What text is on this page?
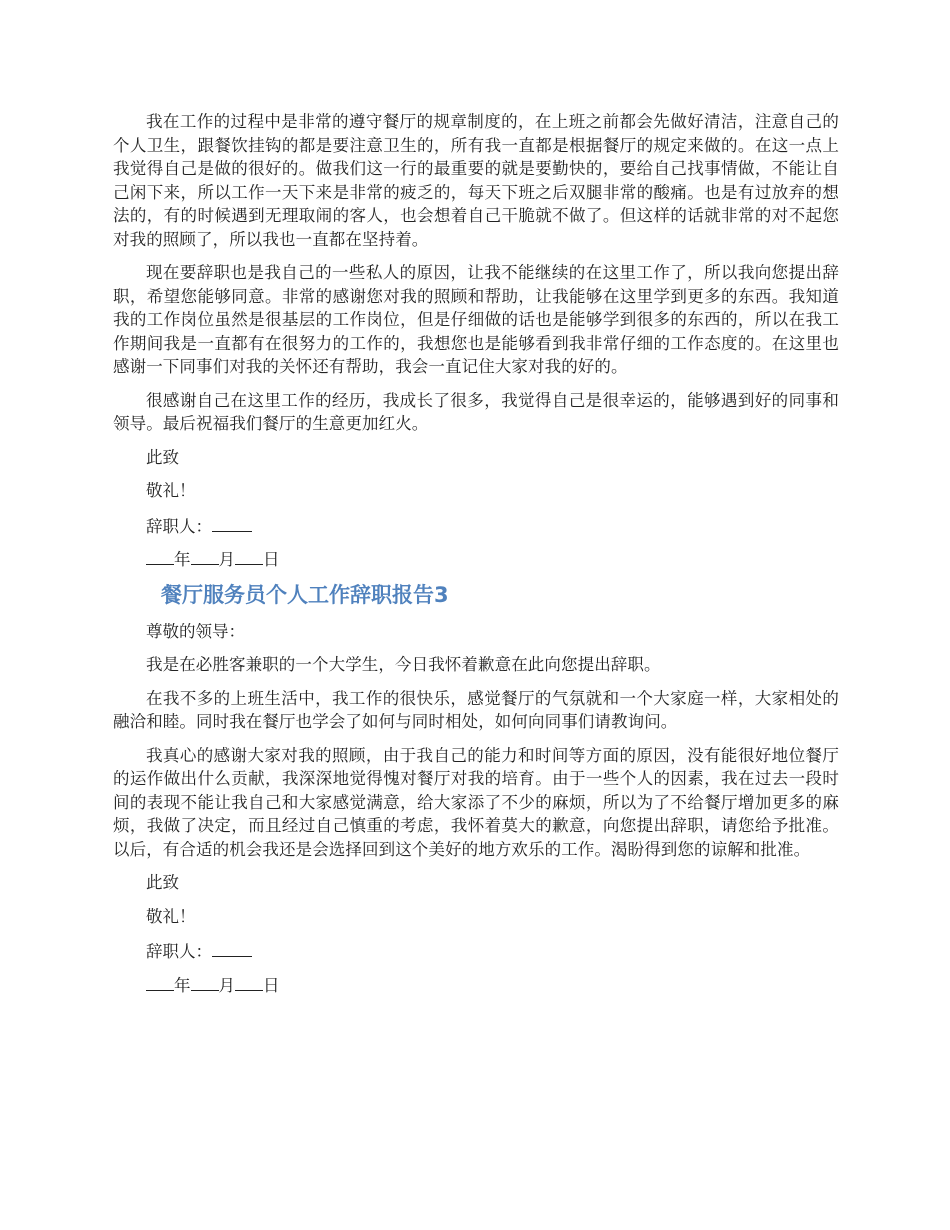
我在工作的过程中是非常的遵守餐厅的规章制度的，在上班之前都会先做好清洁，注意自己的个人卫生，跟餐饮挂钩的都是要注意卫生的，所有我一直都是根据餐厅的规定来做的。在这一点上我觉得自己是做的很好的。做我们这一行的最重要的就是要勤快的，要给自己找事情做，不能让自己闲下来，所以工作一天下来是非常的疲乏的，每天下班之后双腿非常的酸痛。也是有过放弃的想法的，有的时候遇到无理取闹的客人，也会想着自己干脆就不做了。但这样的话就非常的对不起您对我的照顾了，所以我也一直都在坚持着。

现在要辞职也是我自己的一些私人的原因，让我不能继续的在这里工作了，所以我向您提出辞职，希望您能够同意。非常的感谢您对我的照顾和帮助，让我能够在这里学到更多的东西。我知道我的工作岗位虽然是很基层的工作岗位，但是仔细做的话也是能够学到很多的东西的，所以在我工作期间我是一直都有在很努力的工作的，我想您也是能够看到我非常仔细的工作态度的。在这里也感谢一下同事们对我的关怀还有帮助，我会一直记住大家对我的好的。

很感谢自己在这里工作的经历，我成长了很多，我觉得自己是很幸运的，能够遇到好的同事和领导。最后祝福我们餐厅的生意更加红火。

此致
敬礼！
辞职人：
年 月 日
餐厅服务员个人工作辞职报告3
尊敬的领导：

我是在必胜客兼职的一个大学生，今日我怀着歉意在此向您提出辞职。

在我不多的上班生活中，我工作的很快乐，感觉餐厅的气氛就和一个大家庭一样，大家相处的融洽和睦。同时我在餐厅也学会了如何与同时相处，如何向同事们请教询问。

我真心的感谢大家对我的照顾，由于我自己的能力和时间等方面的原因，没有能很好地位餐厅的运作做出什么贡献，我深深地觉得愧对餐厅对我的培育。由于一些个人的因素，我在过去一段时间的表现不能让我自己和大家感觉满意，给大家添了不少的麻烦，所以为了不给餐厅增加更多的麻烦，我做了决定，而且经过自己慎重的考虑，我怀着莫大的歉意，向您提出辞职，请您给予批准。以后，有合适的机会我还是会选择回到这个美好的地方欢乐的工作。渴盼得到您的谅解和批准。

此致
敬礼！
辞职人：
年 月 日
